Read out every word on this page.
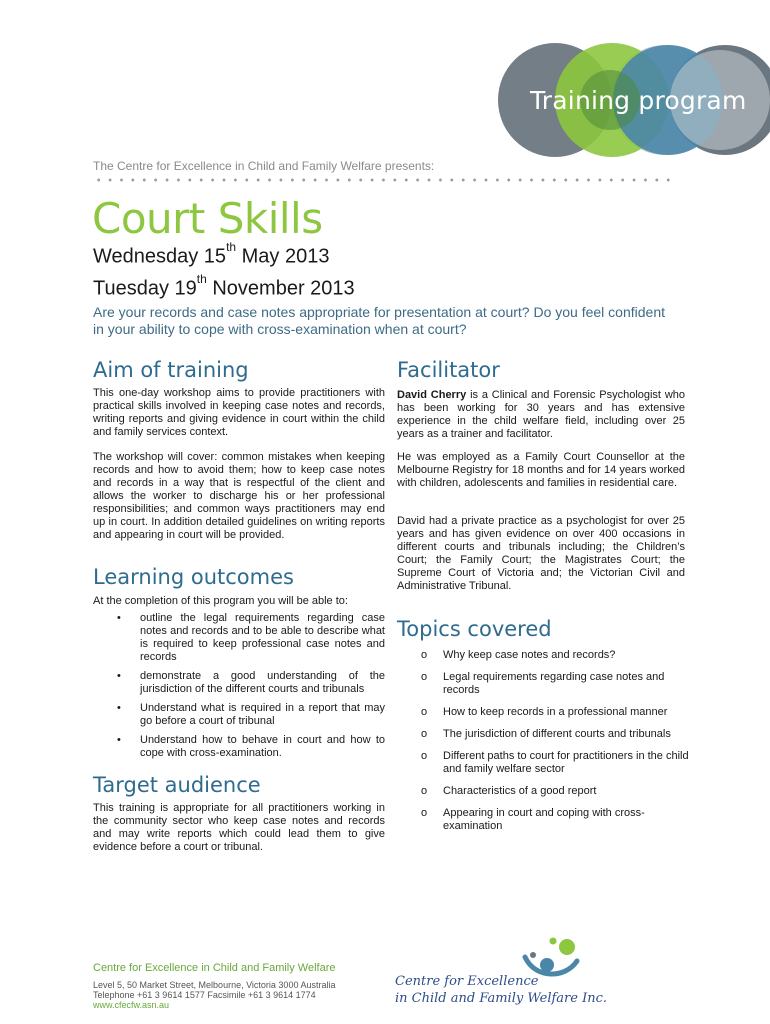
Training program
The Centre for Excellence in Child and Family Welfare presents:
Court Skills
Wednesday 15th May 2013
Tuesday 19th November 2013
Are your records and case notes appropriate for presentation at court? Do you feel confident in your ability to cope with cross-examination when at court?
Aim of training
This one-day workshop aims to provide practitioners with practical skills involved in keeping case notes and records, writing reports and giving evidence in court within the child and family services context.
The workshop will cover: common mistakes when keeping records and how to avoid them; how to keep case notes and records in a way that is respectful of the client and allows the worker to discharge his or her professional responsibilities; and common ways practitioners may end up in court. In addition detailed guidelines on writing reports and appearing in court will be provided.
Learning outcomes
At the completion of this program you will be able to:
• outline the legal requirements regarding case notes and records and to be able to describe what is required to keep professional case notes and records
• demonstrate a good understanding of the jurisdiction of the different courts and tribunals
• Understand what is required in a report that may go before a court of tribunal
• Understand how to behave in court and how to cope with cross-examination.
Target audience
This training is appropriate for all practitioners working in the community sector who keep case notes and records and may write reports which could lead them to give evidence before a court or tribunal.
Facilitator
David Cherry is a Clinical and Forensic Psychologist who has been working for 30 years and has extensive experience in the child welfare field, including over 25 years as a trainer and facilitator.
He was employed as a Family Court Counsellor at the Melbourne Registry for 18 months and for 14 years worked with children, adolescents and families in residential care.
David had a private practice as a psychologist for over 25 years and has given evidence on over 400 occasions in different courts and tribunals including; the Children’s Court; the Family Court; the Magistrates Court; the Supreme Court of Victoria and; the Victorian Civil and Administrative Tribunal.
Topics covered
o Why keep case notes and records?
o Legal requirements regarding case notes and records
o How to keep records in a professional manner
o The jurisdiction of different courts and tribunals
o Different paths to court for practitioners in the child and family welfare sector
o Characteristics of a good report
o Appearing in court and coping with cross-examination
Centre for Excellence in Child and Family Welfare
Level 5, 50 Market Street, Melbourne, Victoria 3000 Australia
Telephone +61 3 9614 1577 Facsimile +61 3 9614 1774
www.cfecfw.asn.au
Centre for Excellence
in Child and Family Welfare Inc.
